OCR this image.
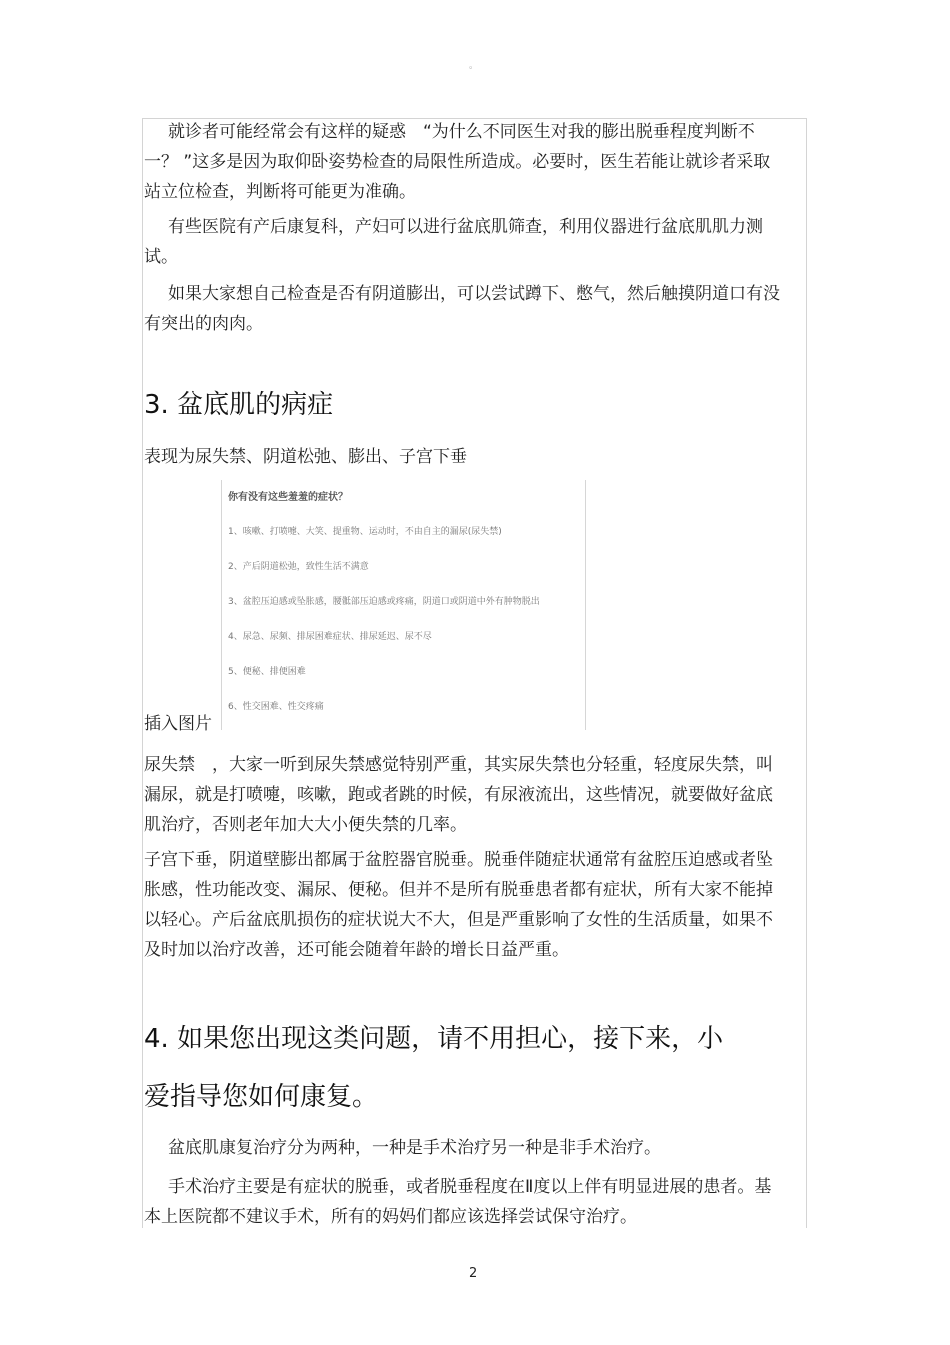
。

就诊者可能经常会有这样的疑惑　“为什么不同医生对我的膨出脱垂程度判断不一？ ”这多是因为取仰卧姿势检查的局限性所造成。必要时，医生若能让就诊者采取站立位检查，判断将可能更为准确。

有些医院有产后康复科，产妇可以进行盆底肌筛查，利用仪器进行盆底肌肌力测试。

如果大家想自己检查是否有阴道膨出，可以尝试蹲下、憋气，然后触摸阴道口有没有突出的肉肉。

3. 盆底肌的病症

表现为尿失禁、阴道松弛、膨出、子宫下垂

你有没有这些羞羞的症状？
1、咳嗽、打喷嚏、大笑、提重物、运动时，不由自主的漏尿(尿失禁)
2、产后阴道松弛，致性生活不满意
3、盆腔压迫感或坠胀感，腰骶部压迫感或疼痛，阴道口或阴道中外有肿物脱出
4、尿急、尿频、排尿困难症状、排尿延迟、尿不尽
5、便秘、排便困难
6、性交困难、性交疼痛
插入图片

尿失禁　，大家一听到尿失禁感觉特别严重，其实尿失禁也分轻重，轻度尿失禁，叫漏尿，就是打喷嚏，咳嗽，跑或者跳的时候，有尿液流出，这些情况，就要做好盆底肌治疗，否则老年加大大小便失禁的几率。

子宫下垂，阴道壁膨出都属于盆腔器官脱垂。脱垂伴随症状通常有盆腔压迫感或者坠胀感，性功能改变、漏尿、便秘。但并不是所有脱垂患者都有症状，所有大家不能掉以轻心。产后盆底肌损伤的症状说大不大，但是严重影响了女性的生活质量，如果不及时加以治疗改善，还可能会随着年龄的增长日益严重。

4. 如果您出现这类问题，请不用担心，接下来，小爱指导您如何康复。

盆底肌康复治疗分为两种，一种是手术治疗另一种是非手术治疗。

手术治疗主要是有症状的脱垂，或者脱垂程度在Ⅱ度以上伴有明显进展的患者。基本上医院都不建议手术，所有的妈妈们都应该选择尝试保守治疗。

2
